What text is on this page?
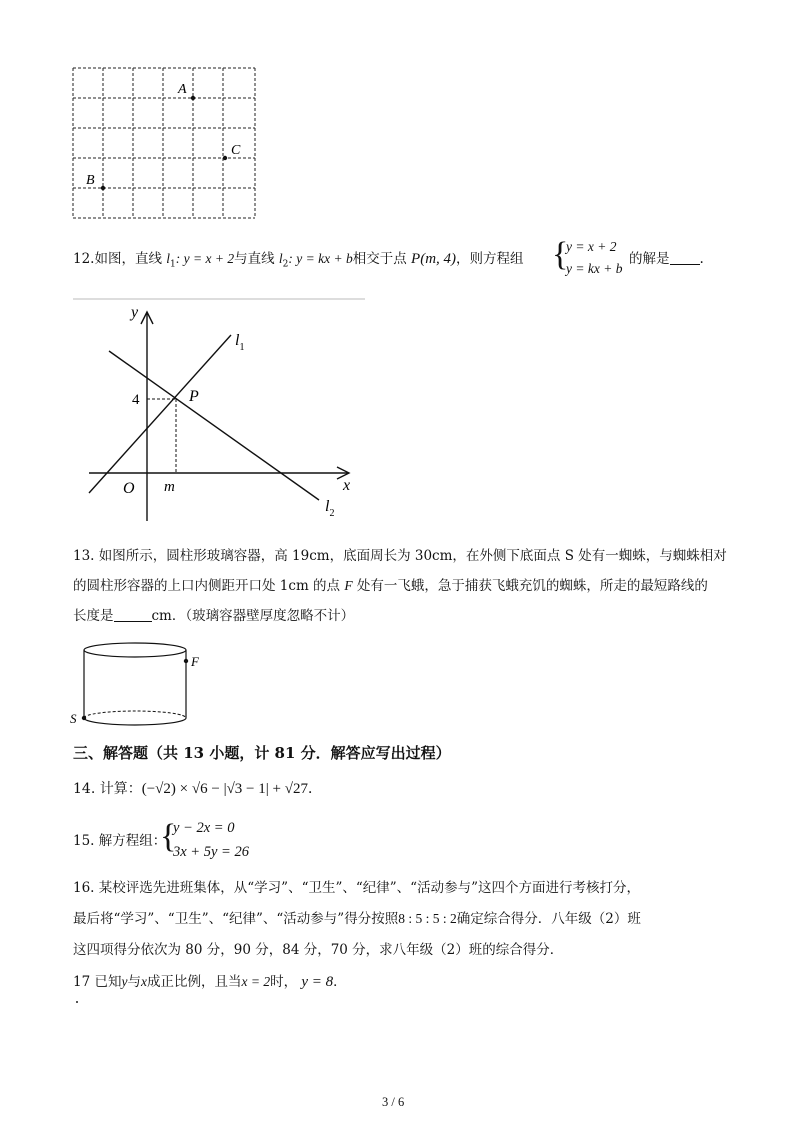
A
C
B
12.如图，直线 $l_1$: y = x + 2与直线 $l_2$: y = kx + b相交于点 P(m, 4)，则方程组 {
y = x + 2
y = kx + b
的解是 .
y
x
O m
4	P
$l_1$
$l_2$
13. 如图所示，圆柱形玻璃容器，高 19cm，底面周长为 30cm，在外侧下底面点 S 处有一蜘蛛，与蜘蛛相对
的圆柱形容器的上口内侧距开口处 1cm 的点 F 处有一飞蛾，急于捕获飞蛾充饥的蜘蛛，所走的最短路线的
长度是	cm．（玻璃容器壁厚度忽略不计）
F
S
三、解答题（共 13 小题，计 81 分．解答应写出过程）
14. 计算：(−√2) × √6 − |√3 − 1| + √27．
15. 解方程组：
{
y − 2x = 0
3x + 5y = 26
16. 某校评选先进班集体，从“学习”、“卫生”、“纪律”、“活动参与”这四个方面进行考核打分，
最后将“学习”、“卫生”、“纪律”、“活动参与”得分按照8 : 5 : 5 : 2确定综合得分．八年级（2）班
这四项得分依次为 80 分，90 分，84 分，70 分，求八年级（2）班的综合得分．
17 已知y与x成正比例，且当x = 2时， y = 8．
3 / 6
